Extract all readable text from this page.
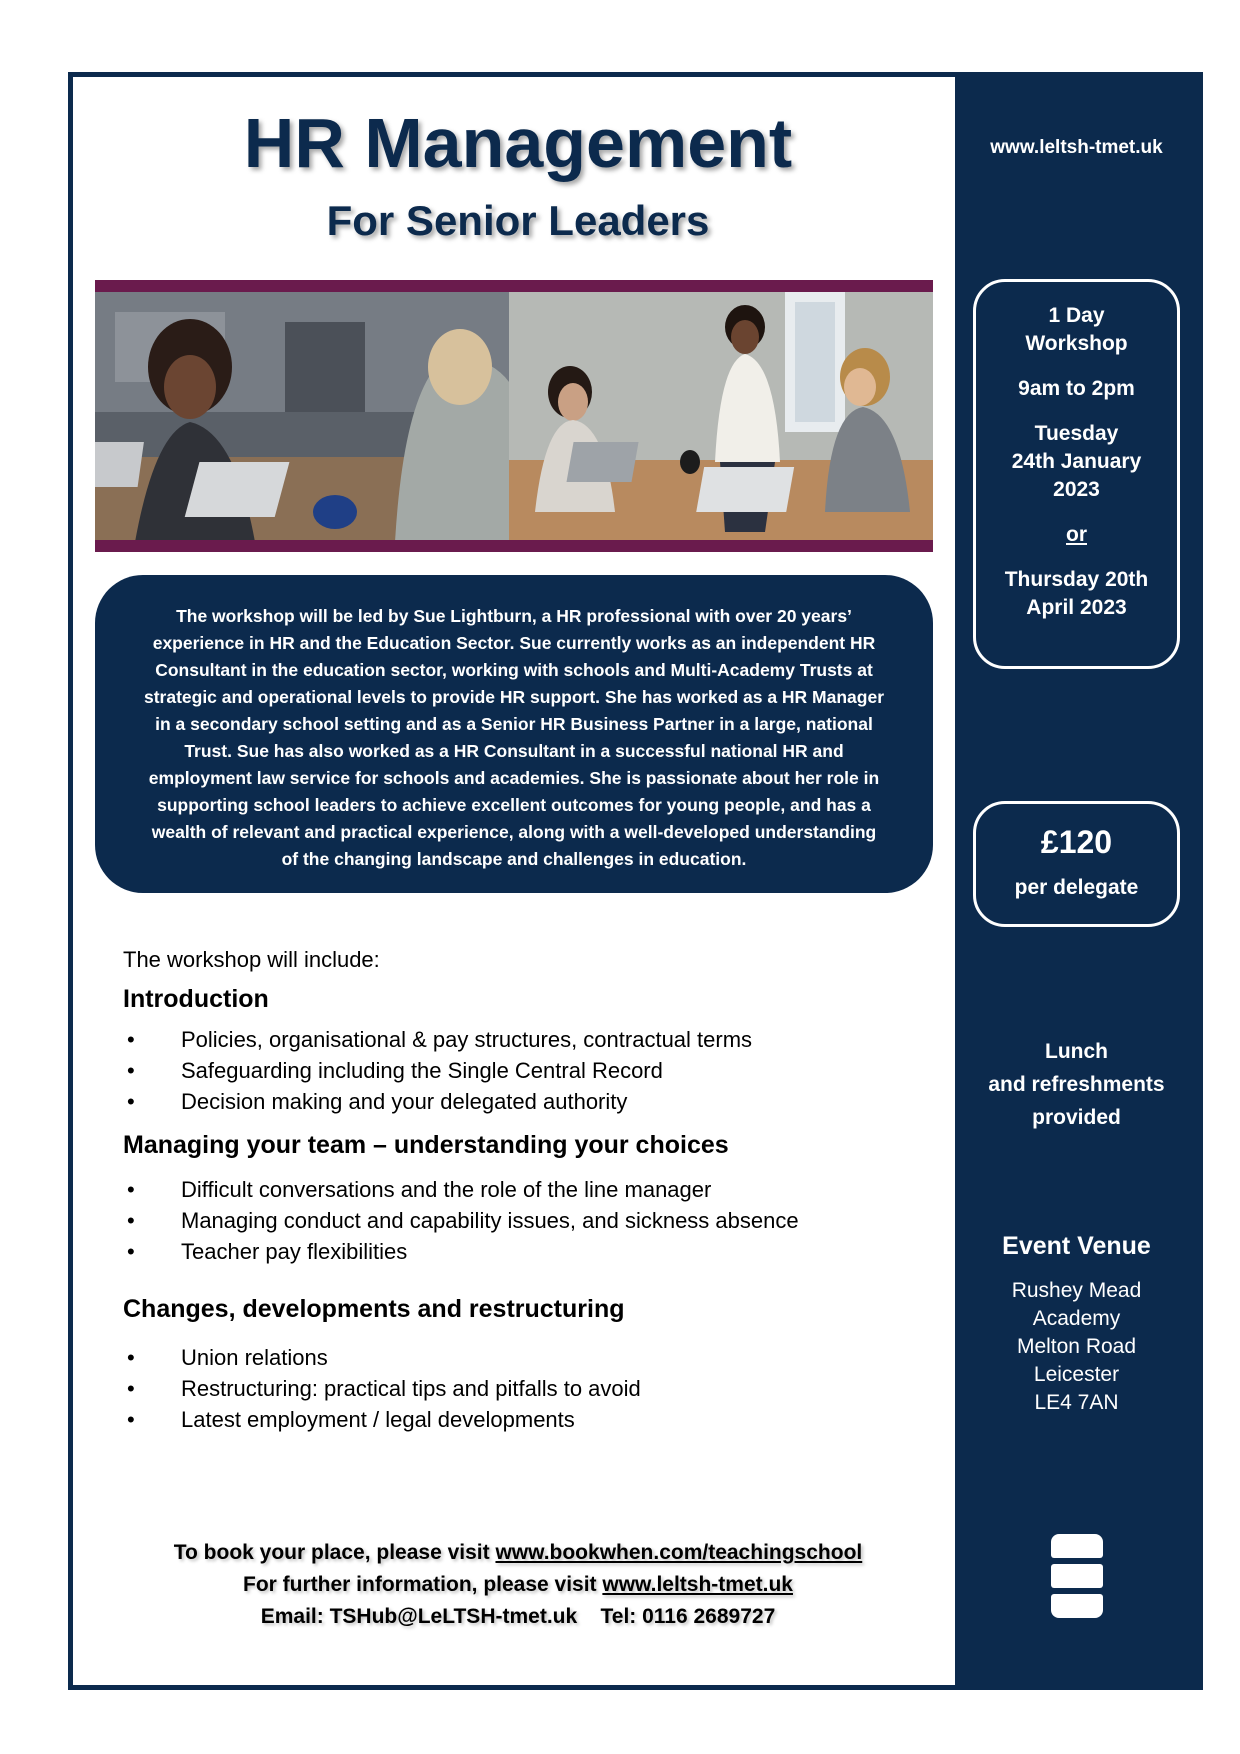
HR Management
For Senior Leaders
The workshop will be led by Sue Lightburn, a HR professional with over 20 years’
experience in HR and the Education Sector. Sue currently works as an independent HR
Consultant in the education sector, working with schools and Multi-Academy Trusts at
strategic and operational levels to provide HR support. She has worked as a HR Manager
in a secondary school setting and as a Senior HR Business Partner in a large, national
Trust. Sue has also worked as a HR Consultant in a successful national HR and
employment law service for schools and academies. She is passionate about her role in
supporting school leaders to achieve excellent outcomes for young people, and has a
wealth of relevant and practical experience, along with a well-developed understanding
of the changing landscape and challenges in education.

The workshop will include:

Introduction
• Policies, organisational & pay structures, contractual terms
• Safeguarding including the Single Central Record
• Decision making and your delegated authority
Managing your team – understanding your choices
• Difficult conversations and the role of the line manager
• Managing conduct and capability issues, and sickness absence
• Teacher pay flexibilities
Changes, developments and restructuring
• Union relations
• Restructuring: practical tips and pitfalls to avoid
• Latest employment / legal developments
To book your place, please visit www.bookwhen.com/teachingschool
For further information, please visit www.leltsh-tmet.uk
Email: TSHub@LeLTSH-tmet.uk Tel: 0116 2689727
www.leltsh-tmet.uk

1 Day
Workshop

9am to 2pm

Tuesday
24th January
2023

or

Thursday 20th
April 2023

£120
per delegate
Lunch
and refreshments
provided
Event Venue
Rushey Mead
Academy
Melton Road
Leicester
LE4 7AN
